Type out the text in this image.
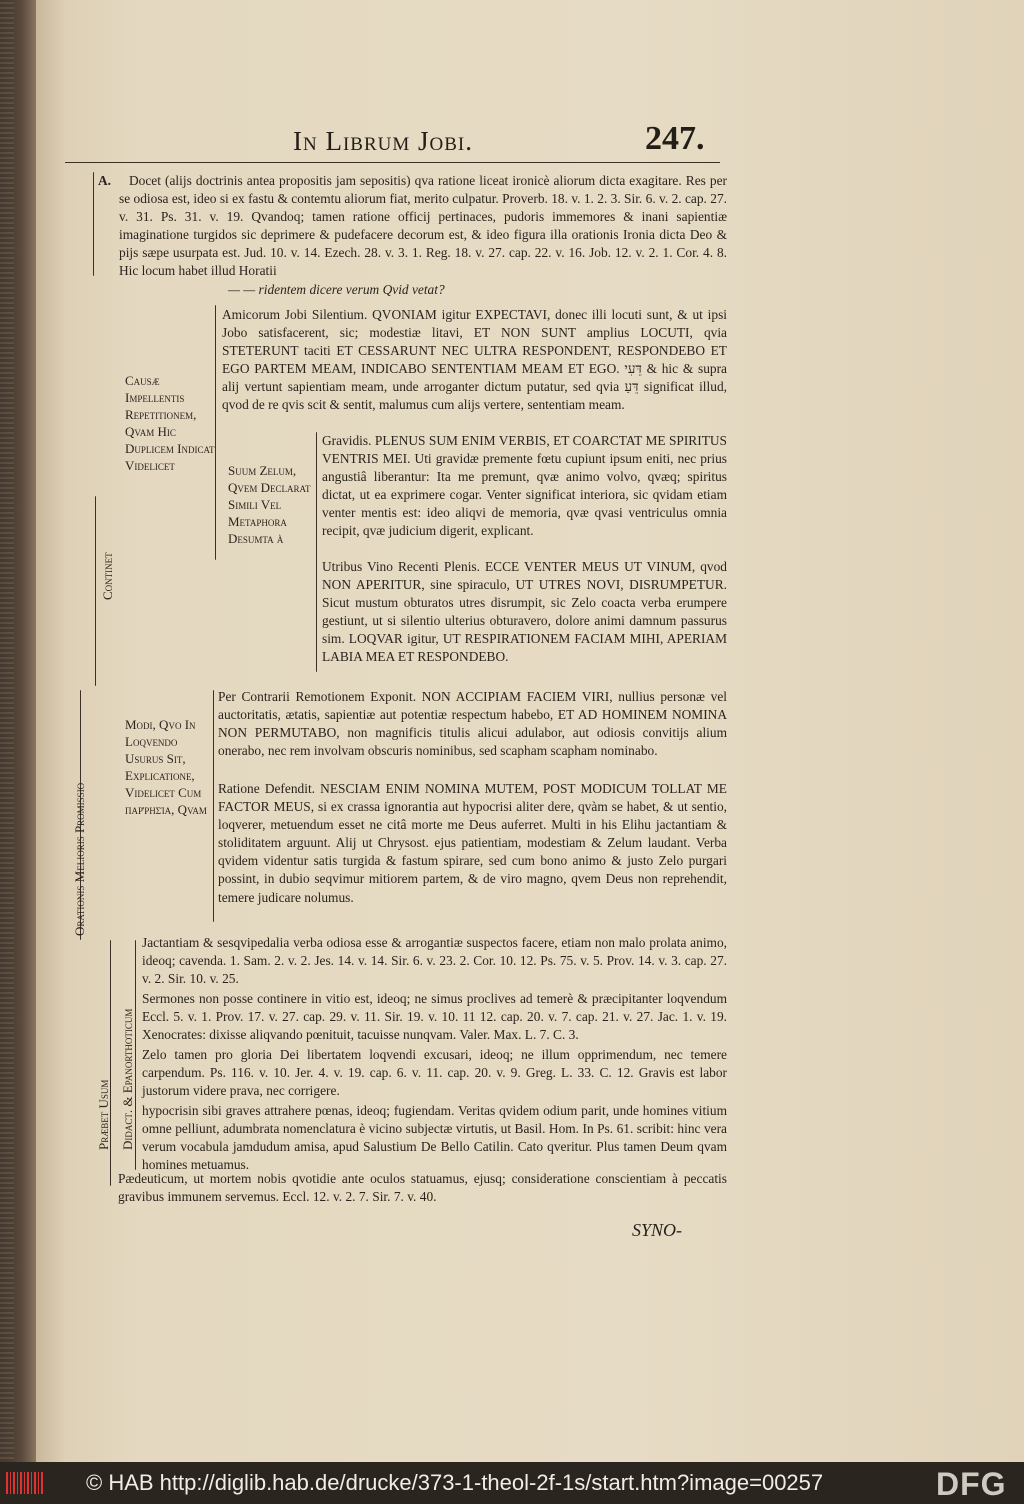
In Librum Jobi.	247.
A.	Docet (alijs doctrinis antea propositis jam sepositis) qva ratione liceat ironicè aliorum dicta exagitare. Res per se odiosa est, ideo si ex fastu & contemtu aliorum fiat, merito culpatur. Proverb. 18. v. 1. 2. 3. Sir. 6. v. 2. cap. 27. v. 31. Ps. 31. v. 19. Qvandoq; tamen ratione officij pertinaces, pudoris immemores & inani sapientiæ imaginatione turgidos sic deprimere & pudefacere decorum est, & ideo figura illa orationis Ironia dicta Deo & pijs sæpe usurpata est. Jud. 10. v. 14. Ezech. 28. v. 3. 1. Reg. 18. v. 27. cap. 22. v. 16. Job. 12. v. 2. 1. Cor. 4. 8. Hic locum habet illud Horatii
— — ridentem dicere verum Qvid vetat?
Causæ Impellentis Repetitionem, Qvam Hic Duplicem Indicat Videlicet	Suum Zelum, Qvem Declarat Simili Vel Metaphora Desumta à
Modi, Qvo In Loqvendo Usurus Sit, Explicatione, Videlicet Cum παῤῥησία, Qvam
Continet
Orationis Melioris Promissio
Didact. & Epanorthoticum
Præbet Usum
Amicorum Jobi Silentium. QVONIAM igitur EXPECTAVI, donec illi locuti sunt, & ut ipsi Jobo satisfacerent, sic; modestiæ litavi, ET NON SUNT amplius LOCUTI, qvia STETERUNT taciti ET CESSARUNT NEC ULTRA RESPONDENT, RESPONDEBO ET EGO PARTEM MEAM, INDICABO SENTENTIAM MEAM ET EGO. דֵּעִי & hic & supra alij vertunt sapientiam meam, unde arroganter dictum putatur, sed qvia דֵּעַ significat illud, qvod de re qvis scit & sentit, malumus cum alijs vertere, sententiam meam.
Gravidis. PLENUS SUM ENIM VERBIS, ET COARCTAT ME SPIRITUS VENTRIS MEI. Uti gravidæ premente fœtu cupiunt ipsum eniti, nec prius angustiâ liberantur: Ita me premunt, qvæ animo volvo, qvæq; spiritus dictat, ut ea exprimere cogar. Venter significat interiora, sic qvidam etiam venter mentis est: ideo aliqvi de memoria, qvæ qvasi ventriculus omnia recipit, qvæ judicium digerit, explicant.
Utribus Vino Recenti Plenis. ECCE VENTER MEUS UT VINUM, qvod NON APERITUR, sine spiraculo, UT UTRES NOVI, DISRUMPETUR. Sicut mustum obturatos utres disrumpit, sic Zelo coacta verba erumpere gestiunt, ut si silentio ulterius obturavero, dolore animi damnum passurus sim. LOQVAR igitur, UT RESPIRATIONEM FACIAM MIHI, APERIAM LABIA MEA ET RESPONDEBO.
Per Contrarii Remotionem Exponit. NON ACCIPIAM FACIEM VIRI, nullius personæ vel auctoritatis, ætatis, sapientiæ aut potentiæ respectum habebo, ET AD HOMINEM NOMINA NON PERMUTABO, non magnificis titulis alicui adulabor, aut odiosis convitijs alium onerabo, nec rem involvam obscuris nominibus, sed scapham scapham nominabo.
Ratione Defendit. NESCIAM ENIM NOMINA MUTEM, POST MODICUM TOLLAT ME FACTOR MEUS, si ex crassa ignorantia aut hypocrisi aliter dere, qvàm se habet, & ut sentio, loqverer, metuendum esset ne citâ morte me Deus auferret. Multi in his Elihu jactantiam & stoliditatem arguunt. Alij ut Chrysost. ejus patientiam, modestiam & Zelum laudant. Verba qvidem videntur satis turgida & fastum spirare, sed cum bono animo & justo Zelo purgari possint, in dubio seqvimur mitiorem partem, & de viro magno, qvem Deus non reprehendit, temere judicare nolumus.
Jactantiam & sesqvipedalia verba odiosa esse & arrogantiæ suspectos facere, etiam non malo prolata animo, ideoq; cavenda. 1. Sam. 2. v. 2. Jes. 14. v. 14. Sir. 6. v. 23. 2. Cor. 10. 12. Ps. 75. v. 5. Prov. 14. v. 3. cap. 27. v. 2. Sir. 10. v. 25.
Sermones non posse continere in vitio est, ideoq; ne simus proclives ad temerè & præcipitanter loqvendum Eccl. 5. v. 1. Prov. 17. v. 27. cap. 29. v. 11. Sir. 19. v. 10. 11 12. cap. 20. v. 7. cap. 21. v. 27. Jac. 1. v. 19. Xenocrates: dixisse aliqvando pœnituit, tacuisse nunqvam. Valer. Max. L. 7. C. 3.
Zelo tamen pro gloria Dei libertatem loqvendi excusari, ideoq; ne illum opprimendum, nec temere carpendum. Ps. 116. v. 10. Jer. 4. v. 19. cap. 6. v. 11. cap. 20. v. 9. Greg. L. 33. C. 12. Gravis est labor justorum videre prava, nec corrigere.
hypocrisin sibi graves attrahere pœnas, ideoq; fugiendam. Veritas qvidem odium parit, unde homines vitium omne pelliunt, adumbrata nomenclatura è vicino subjectæ virtutis, ut Basil. Hom. In Ps. 61. scribit: hinc vera verum vocabula jamdudum amisa, apud Salustium De Bello Catilin. Cato qveritur. Plus tamen Deum qvam homines metuamus.
Pædeuticum, ut mortem nobis qvotidie ante oculos statuamus, ejusq; consideratione conscientiam à peccatis gravibus immunem servemus. Eccl. 12. v. 2. 7. Sir. 7. v. 40.
SYNO-
© HAB http://diglib.hab.de/drucke/373-1-theol-2f-1s/start.htm?image=00257	DFG
